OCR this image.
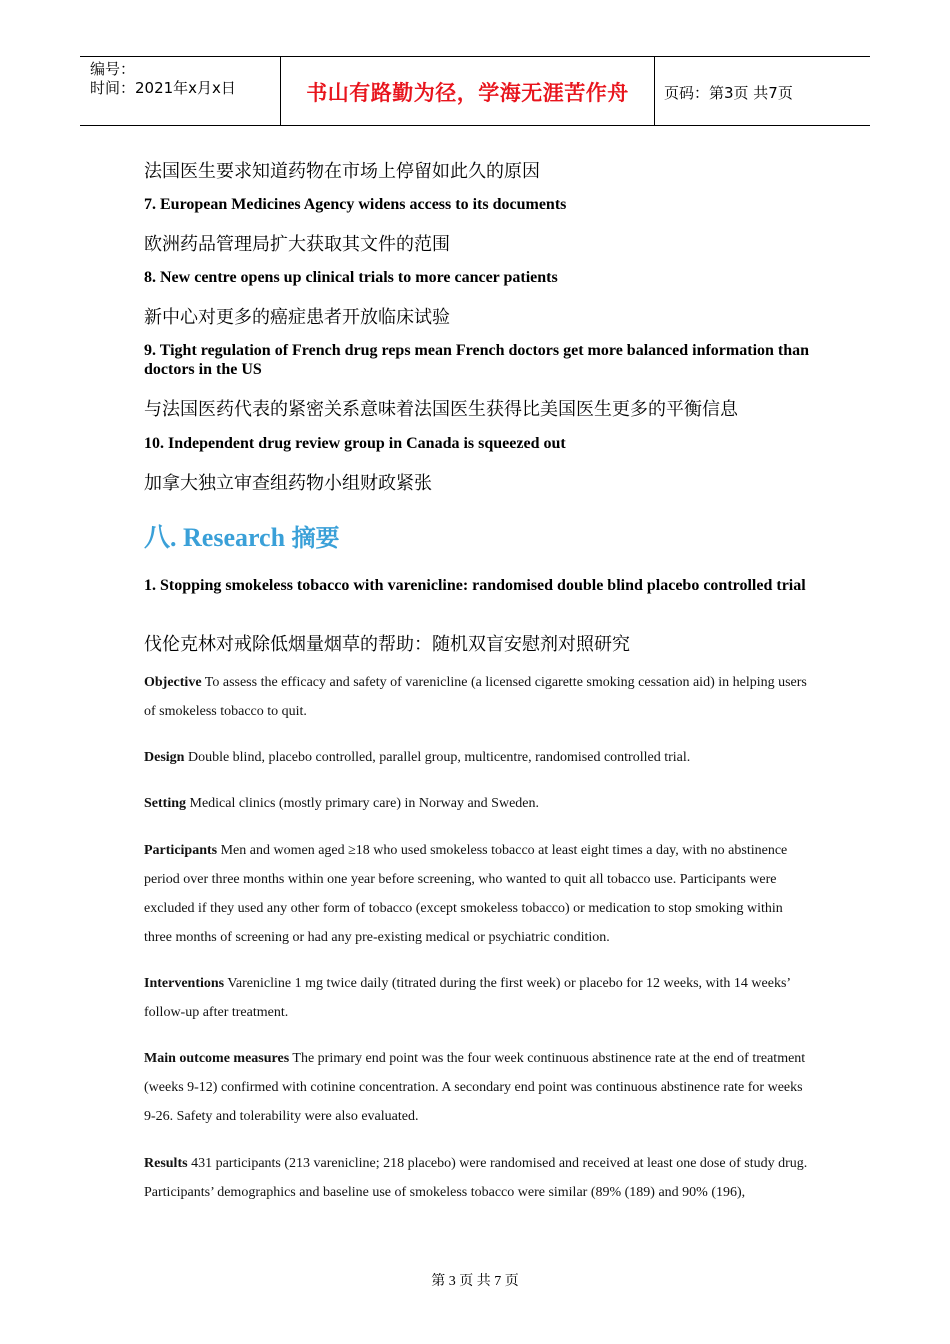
编号：
时间：2021年x月x日	书山有路勤为径，学海无涯苦作舟	页码：第3页 共7页
法国医生要求知道药物在市场上停留如此久的原因
7. European Medicines Agency widens access to its documents
欧洲药品管理局扩大获取其文件的范围
8. New centre opens up clinical trials to more cancer patients
新中心对更多的癌症患者开放临床试验
9. Tight regulation of French drug reps mean French doctors get more balanced information than doctors in the US
与法国医药代表的紧密关系意味着法国医生获得比美国医生更多的平衡信息
10. Independent drug review group in Canada is squeezed out
加拿大独立审查组药物小组财政紧张
八. Research 摘要
1. Stopping smokeless tobacco with varenicline: randomised double blind placebo controlled trial
伐伦克林对戒除低烟量烟草的帮助：随机双盲安慰剂对照研究
Objective To assess the efficacy and safety of varenicline (a licensed cigarette smoking cessation aid) in helping users of smokeless tobacco to quit.
Design Double blind, placebo controlled, parallel group, multicentre, randomised controlled trial.
Setting Medical clinics (mostly primary care) in Norway and Sweden.
Participants Men and women aged ≥18 who used smokeless tobacco at least eight times a day, with no abstinence period over three months within one year before screening, who wanted to quit all tobacco use. Participants were excluded if they used any other form of tobacco (except smokeless tobacco) or medication to stop smoking within three months of screening or had any pre-existing medical or psychiatric condition.
Interventions Varenicline 1 mg twice daily (titrated during the first week) or placebo for 12 weeks, with 14 weeks’ follow-up after treatment.
Main outcome measures The primary end point was the four week continuous abstinence rate at the end of treatment (weeks 9-12) confirmed with cotinine concentration. A secondary end point was continuous abstinence rate for weeks 9-26. Safety and tolerability were also evaluated.
Results 431 participants (213 varenicline; 218 placebo) were randomised and received at least one dose of study drug. Participants’ demographics and baseline use of smokeless tobacco were similar (89% (189) and 90% (196),
第 3 页 共 7 页
